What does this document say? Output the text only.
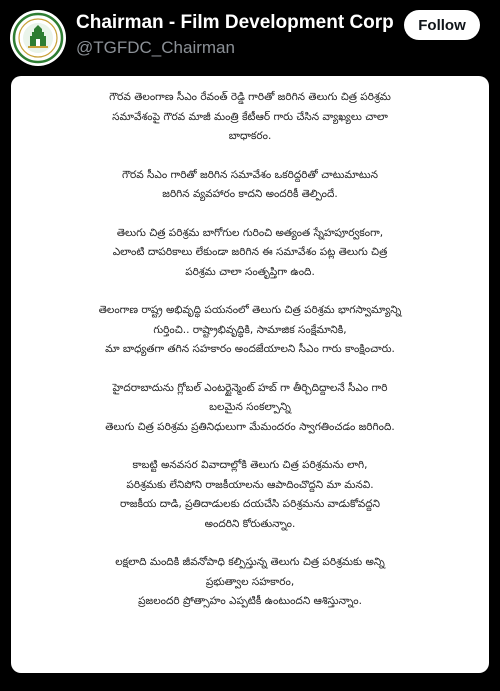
Chairman - Film Development Corp
@TGFDC_Chairman
Follow
గౌరవ తెలంగాణ సీఎం రేవంత్ రెడ్డి గారితో జరిగిన తెలుగు చిత్ర పరిశ్రమ
సమావేశంపై గౌరవ మాజీ మంత్రి కేటీఆర్ గారు చేసిన వ్యాఖ్యలు చాలా
బాధాకరం.
గౌరవ సీఎం గారితో జరిగిన సమావేశం ఒకరిద్దరితో చాటుమాటున
జరిగిన వ్యవహారం కాదని అందరికీ తెల్పిందే.
తెలుగు చిత్ర పరిశ్రమ బాగోగుల గురించి అత్యంత స్నేహపూర్వకంగా,
ఎలాంటి దాపరికాలు లేకుండా జరిగిన ఈ సమావేశం పట్ల తెలుగు చిత్ర
పరిశ్రమ చాలా సంతృప్తిగా ఉంది.
తెలంగాణ రాష్ట్ర అభివృద్ధి పయనంలో తెలుగు చిత్ర పరిశ్రమ భాగస్వామ్యాన్ని
గుర్తించి.. రాష్ట్రాభివృద్ధికి, సామాజిక సంక్షేమానికి,
మా బాధ్యతగా తగిన సహకారం అందజేయాలని సీఎం గారు కాంక్షించారు.
హైదరాబాదును గ్లోబల్ ఎంటర్టైన్మెంట్ హబ్ గా తీర్చిదిద్దాలనే సీఎం గారి
బలమైన సంకల్పాన్ని
తెలుగు చిత్ర పరిశ్రమ ప్రతినిధులుగా మేమందరం స్వాగతించడం జరిగింది.
కాబట్టి అనవసర వివాదాల్లోకి తెలుగు చిత్ర పరిశ్రమను లాగి,
పరిశ్రమకు లేనిపోని రాజకీయాలను ఆపాదించొద్దని మా మనవి.
రాజకీయ దాడి, ప్రతిదాడులకు దయచేసి పరిశ్రమను వాడుకోవద్దని
అందరిని కోరుతున్నాం.
లక్షలాది మందికి జీవనోపాధి కల్పిస్తున్న తెలుగు చిత్ర పరిశ్రమకు అన్ని
ప్రభుత్వాల సహకారం,
ప్రజలందరి ప్రోత్సాహం ఎప్పటికీ ఉంటుందని ఆశిస్తున్నాం.
